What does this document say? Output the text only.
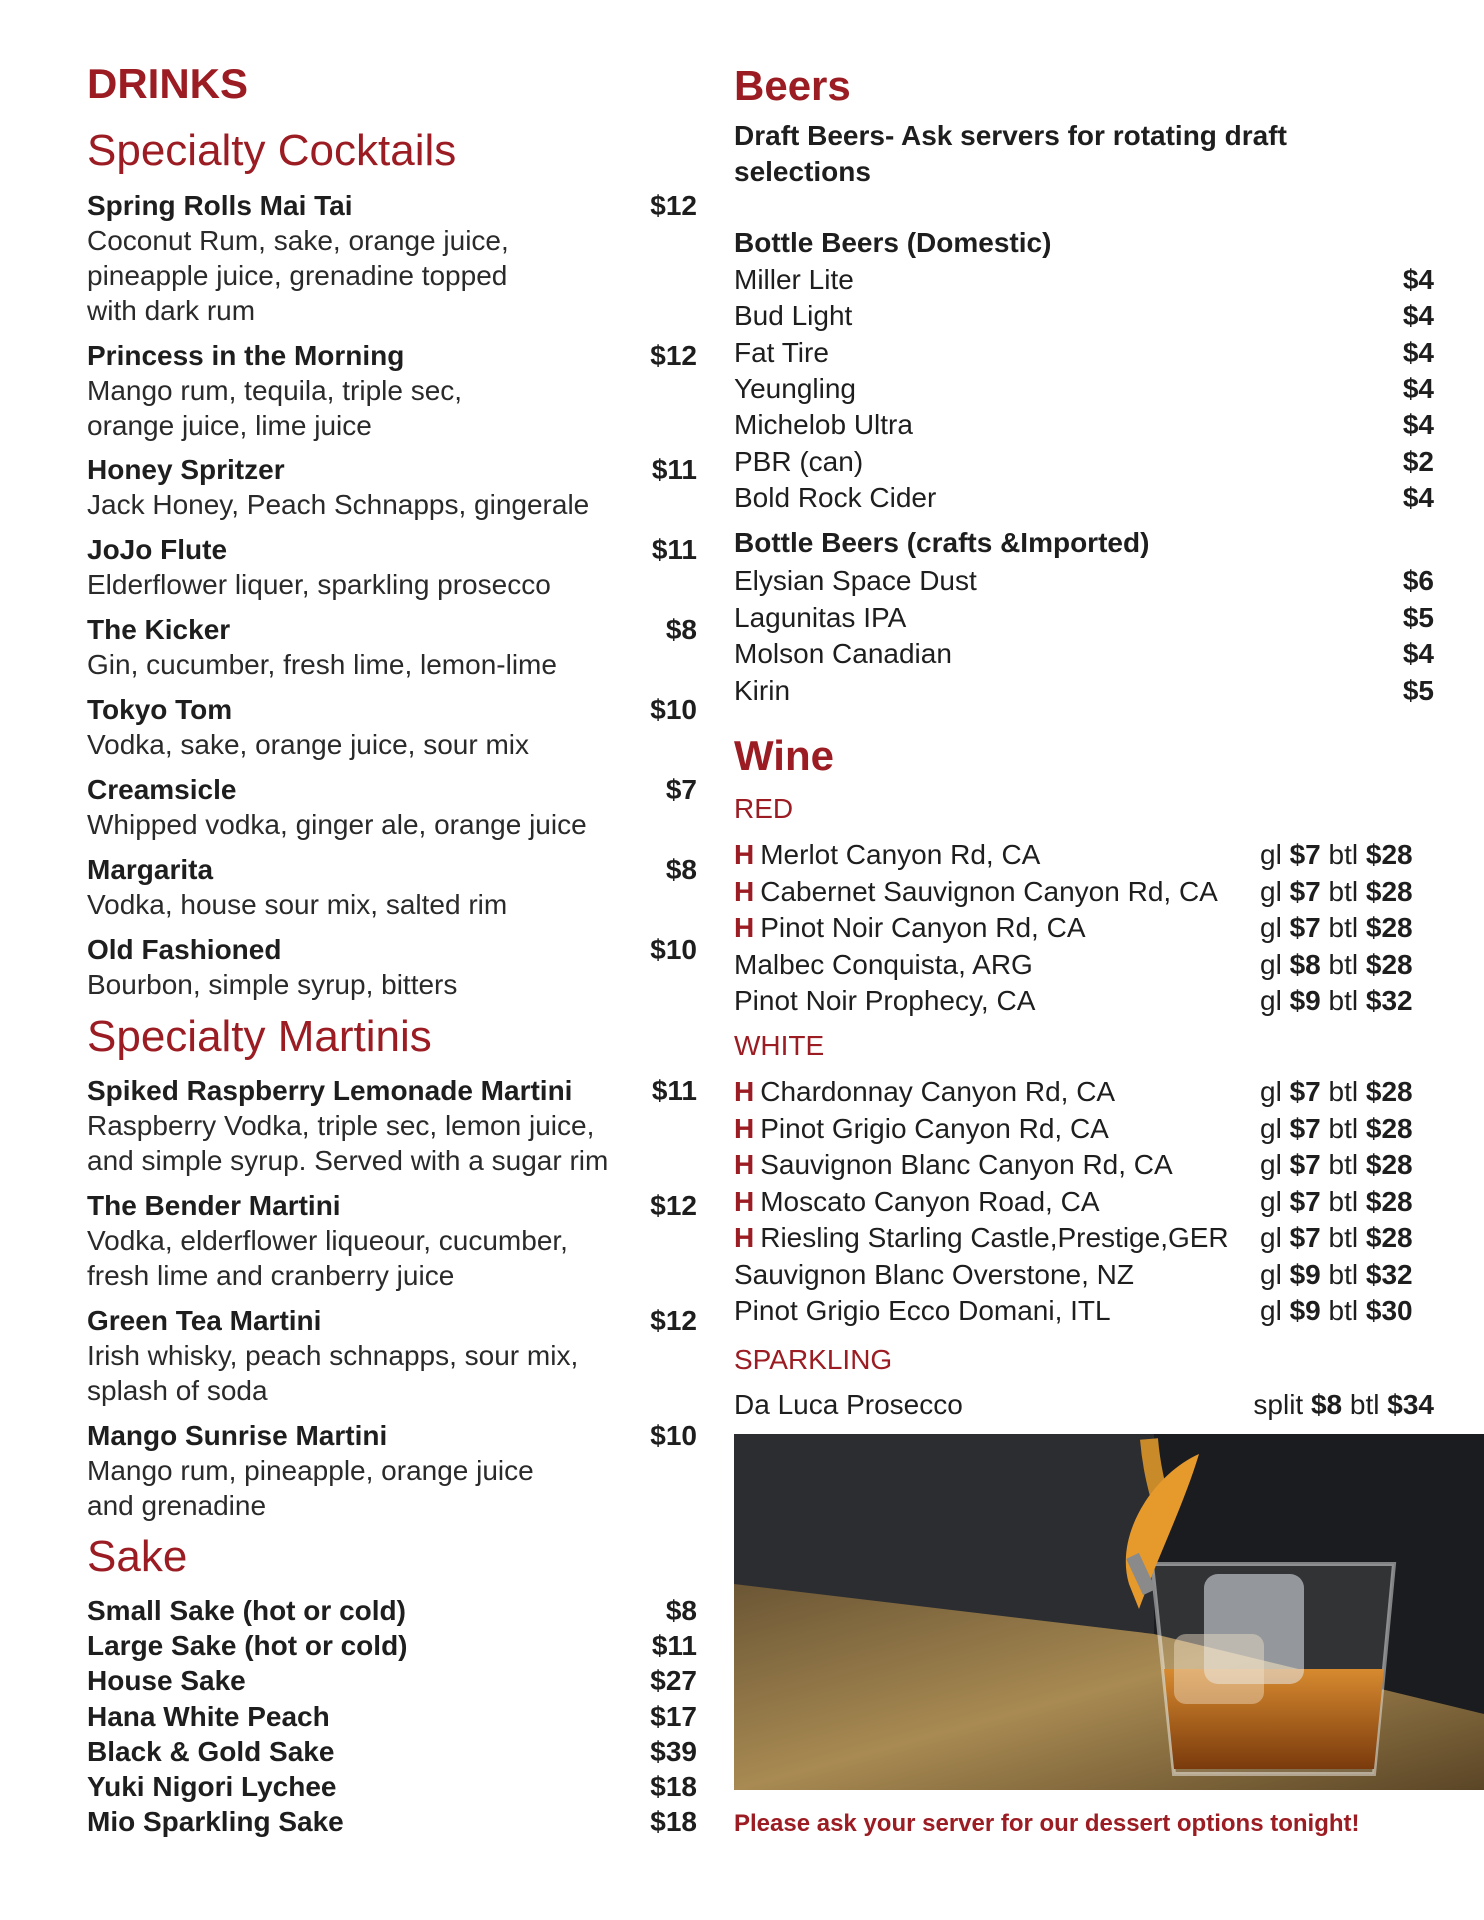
DRINKS
Specialty Cocktails
Spring Rolls Mai Tai	$12
Coconut Rum, sake, orange juice,
pineapple juice, grenadine topped
with dark rum
Princess in the Morning	$12
Mango rum, tequila, triple sec,
orange juice, lime juice
Honey Spritzer	$11
Jack Honey, Peach Schnapps, gingerale
JoJo Flute	$11
Elderflower liquer, sparkling prosecco
The Kicker	$8
Gin, cucumber, fresh lime, lemon-lime
Tokyo Tom	$10
Vodka, sake, orange juice, sour mix
Creamsicle	$7
Whipped vodka, ginger ale, orange juice
Margarita	$8
Vodka, house sour mix, salted rim
Old Fashioned	$10
Bourbon, simple syrup, bitters
Specialty Martinis
Spiked Raspberry Lemonade Martini	$11
Raspberry Vodka, triple sec, lemon juice,
and simple syrup. Served with a sugar rim
The Bender Martini	$12
Vodka, elderflower liqueour, cucumber,
fresh lime and cranberry juice
Green Tea Martini	$12
Irish whisky, peach schnapps, sour mix,
splash of soda
Mango Sunrise Martini	$10
Mango rum, pineapple, orange juice
and grenadine
Sake
Small Sake (hot or cold)	$8
Large Sake (hot or cold)	$11
House Sake	$27
Hana White Peach	$17
Black & Gold Sake	$39
Yuki Nigori Lychee	$18
Mio Sparkling Sake	$18
Beers
Draft Beers- Ask servers for rotating draft
selections
Bottle Beers (Domestic)
Miller Lite	$4
Bud Light	$4
Fat Tire	$4
Yeungling	$4
Michelob Ultra	$4
PBR (can)	$2
Bold Rock Cider	$4
Bottle Beers (crafts &Imported)
Elysian Space Dust	$6
Lagunitas IPA	$5
Molson Canadian	$4
Kirin	$5
Wine
RED
H Merlot Canyon Rd, CA	gl $7 btl $28
H Cabernet Sauvignon Canyon Rd, CA gl $7 btl $28
H Pinot Noir Canyon Rd, CA	gl $7 btl $28
Malbec Conquista, ARG	gl $8 btl $28
Pinot Noir Prophecy, CA	gl $9 btl $32
WHITE
H Chardonnay Canyon Rd, CA	gl $7 btl $28
H Pinot Grigio Canyon Rd, CA	gl $7 btl $28
H Sauvignon Blanc Canyon Rd, CA	gl $7 btl $28
H Moscato Canyon Road, CA	gl $7 btl $28
H Riesling Starling Castle,Prestige,GER gl $7 btl $28
Sauvignon Blanc Overstone, NZ	gl $9 btl $32
Pinot Grigio Ecco Domani, ITL	gl $9 btl $30
SPARKLING
Da Luca Prosecco	split $8 btl $34
Please ask your server for our dessert options tonight!
